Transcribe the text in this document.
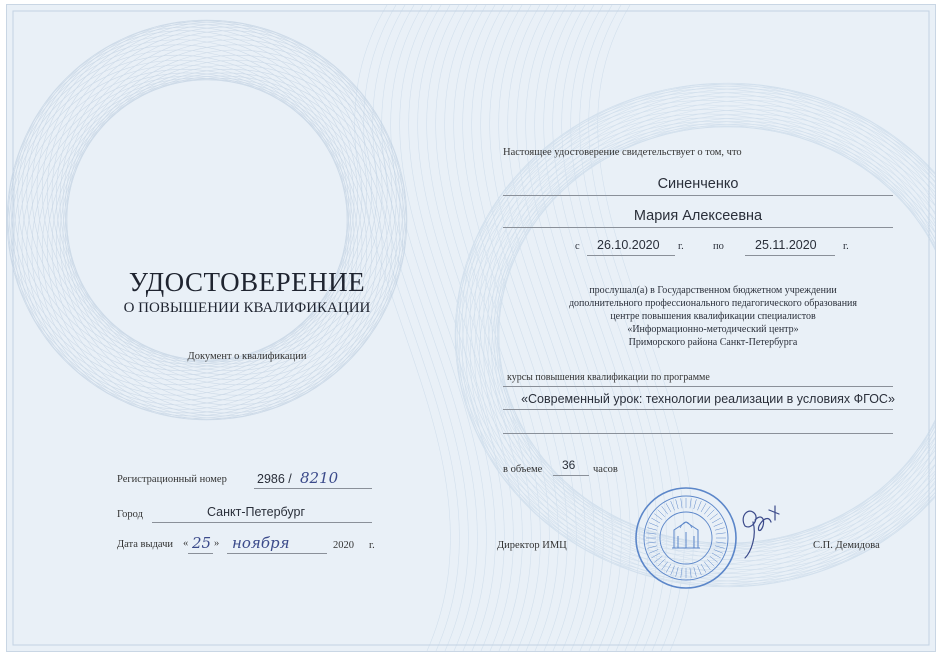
УДОСТОВЕРЕНИЕ
О ПОВЫШЕНИИ КВАЛИФИКАЦИИ
Документ о квалификации
Регистрационный номер 2986 / 8210
Город	Санкт-Петербург
Дата выдачи « 25 » ноября	2020 г.
Настоящее удостоверение свидетельствует о том, что
Синенченко
Мария Алексеевна
с 26.10.2020 г.	по 25.11.2020	г.
прослушал(а) в Государственном бюджетном учреждении
дополнительного профессионального педагогического образования
центре повышения квалификации специалистов
«Информационно-методический центр»
Приморского района Санкт-Петербурга
курсы повышения квалификации по программе
«Современный урок: технологии реализации в условиях ФГОС»
в объеме 36 часов
Директор ИМЦ	С.П. Демидова
